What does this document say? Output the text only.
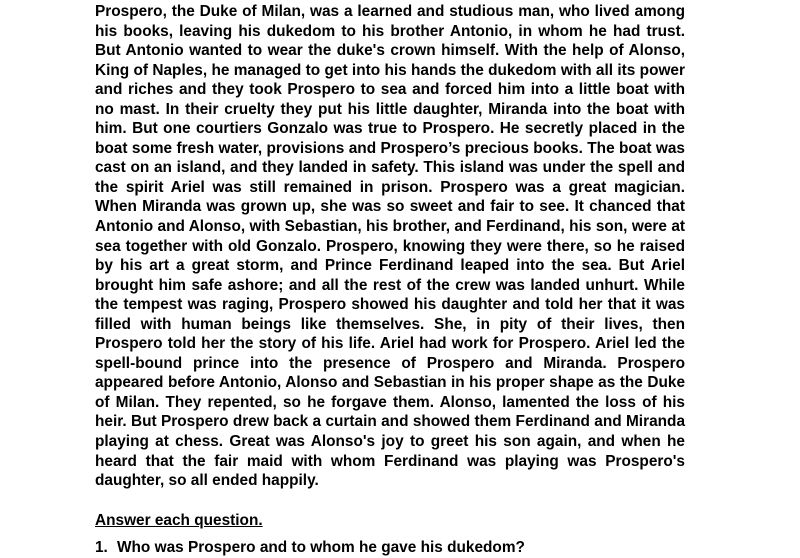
Prospero, the Duke of Milan, was a learned and studious man, who lived among his books, leaving his dukedom to his brother Antonio, in whom he had trust. But Antonio wanted to wear the duke's crown himself. With the help of Alonso, King of Naples, he managed to get into his hands the dukedom with all its power and riches and they took Prospero to sea and forced him into a little boat with no mast. In their cruelty they put his little daughter, Miranda into the boat with him. But one courtiers Gonzalo was true to Prospero. He secretly placed in the boat some fresh water, provisions and Prospero’s precious books. The boat was cast on an island, and they landed in safety. This island was under the spell and the spirit Ariel was still remained in prison. Prospero was a great magician. When Miranda was grown up, she was so sweet and fair to see. It chanced that Antonio and Alonso, with Sebastian, his brother, and Ferdinand, his son, were at sea together with old Gonzalo. Prospero, knowing they were there, so he raised by his art a great storm, and Prince Ferdinand leaped into the sea. But Ariel brought him safe ashore; and all the rest of the crew was landed unhurt. While the tempest was raging, Prospero showed his daughter and told her that it was filled with human beings like themselves. She, in pity of their lives, then Prospero told her the story of his life. Ariel had work for Prospero. Ariel led the spell-bound prince into the presence of Prospero and Miranda. Prospero appeared before Antonio, Alonso and Sebastian in his proper shape as the Duke of Milan. They repented, so he forgave them. Alonso, lamented the loss of his heir. But Prospero drew back a curtain and showed them Ferdinand and Miranda playing at chess. Great was Alonso's joy to greet his son again, and when he heard that the fair maid with whom Ferdinand was playing was Prospero's daughter, so all ended happily.

Answer each question.

1. Who was Prospero and to whom he gave his dukedom?
